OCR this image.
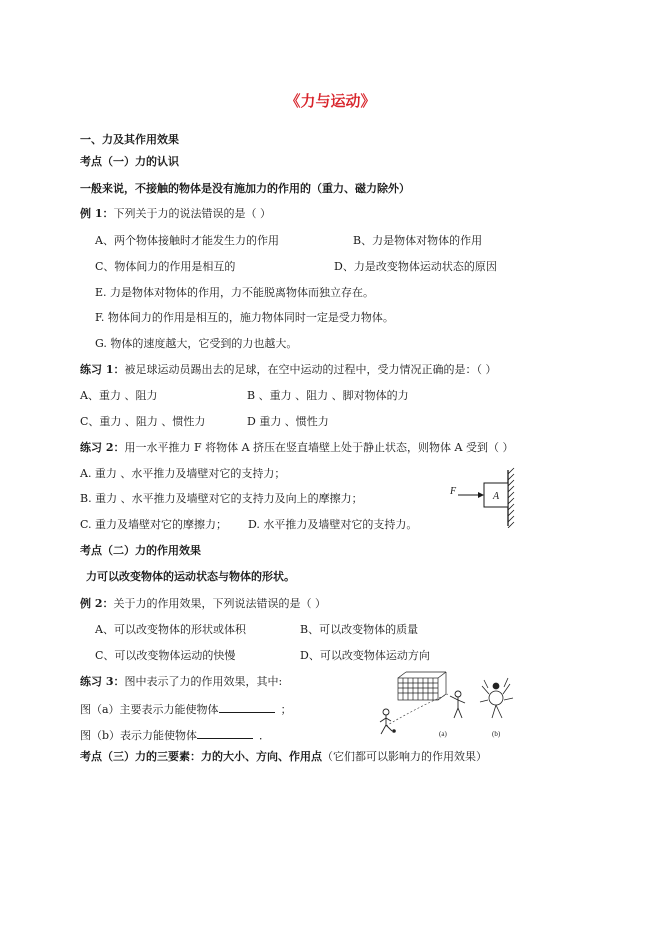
《力与运动》
一、力及其作用效果
考点（一）力的认识
一般来说，不接触的物体是没有施加力的作用的（重力、磁力除外）
例 1：下列关于力的说法错误的是（ ）
A、两个物体接触时才能发生力的作用	B、力是物体对物体的作用
C、物体间力的作用是相互的	D、力是改变物体运动状态的原因
E. 力是物体对物体的作用，力不能脱离物体而独立存在。
F. 物体间力的作用是相互的，施力物体同时一定是受力物体。
G. 物体的速度越大，它受到的力也越大。
练习 1：被足球运动员踢出去的足球，在空中运动的过程中，受力情况正确的是：（ ）
A、重力 、阻力	B 、重力 、阻力 、脚对物体的力
C、重力 、阻力 、惯性力	D 重力 、惯性力
练习 2：用一水平推力 F 将物体 A 挤压在竖直墙壁上处于静止状态，则物体 A 受到（ ）
A. 重力 、水平推力及墙壁对它的支持力；
B. 重力 、水平推力及墙壁对它的支持力及向上的摩擦力；
C. 重力及墙壁对它的摩擦力； D. 水平推力及墙壁对它的支持力。
F	A
考点（二）力的作用效果
力可以改变物体的运动状态与物体的形状。
例 2：关于力的作用效果，下列说法错误的是（ ）
A、可以改变物体的形状或体积	B、可以改变物体的质量
C、可以改变物体运动的快慢	D、可以改变物体运动方向
练习 3：图中表示了力的作用效果，其中:
图（a）主要表示力能使物体	；
图（b）表示力能使物体	．	(a)	(b)
考点（三）力的三要素：力的大小、方向、作用点（它们都可以影响力的作用效果）
